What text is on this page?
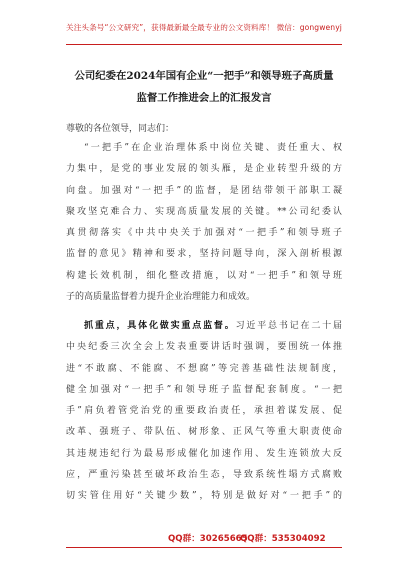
关注头条号“公文研究”，获得最新最全最专业的公文资料库！ 微信：gongwenyj
公司纪委在2024年国有企业“一把手”和领导班子高质量
监督工作推进会上的汇报发言
尊敬的各位领导，同志们：
“一把手”在企业治理体系中岗位关键、责任重大、权
力集中，是党的事业发展的领头雁，是企业转型升级的方
向盘。加强对“一把手”的监督，是团结带领干部职工凝
聚攻坚克难合力、实现高质量发展的关键。**公司纪委认
真贯彻落实《中共中央关于加强对“一把手”和领导班子
监督的意见》精神和要求，坚持问题导向，深入剖析根源
构建长效机制，细化整改措施，以对“一把手”和领导班
子的高质量监督着力提升企业治理能力和成效。
抓重点，具体化做实重点监督。习近平总书记在二十届
中央纪委三次全会上发表重要讲话时强调，要围统一体推
进“不敢腐、不能腐、不想腐”等完善基础性法规制度，
健全加强对“一把手”和领导班子监督配套制度。“一把
手”肩负着管党治党的重要政治责任，承担着谋发展、促
改革、强班子、带队伍、树形象、正风气等重大职责使命
其违规违纪行为最易形成催化加速作用、发生连锁放大反
应，严重污染甚至破坏政治生态，导致系统性塌方式腐败
切实管住用好“关键少数”，特别是做好对“一把手”的
QQ群：30265665
QQ群：535304092
